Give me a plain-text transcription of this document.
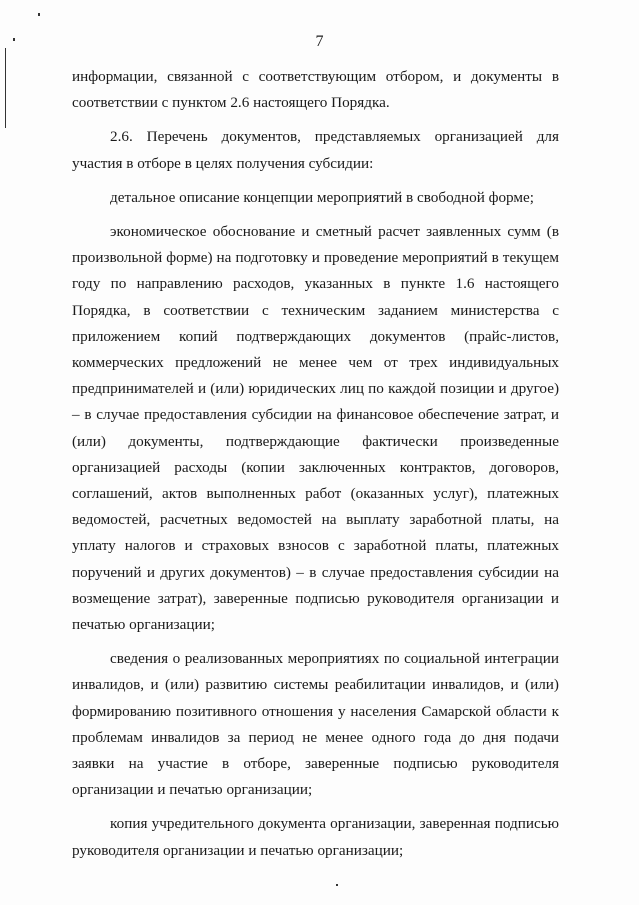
7

информации, связанной с соответствующим отбором, и документы в соответствии с пунктом 2.6 настоящего Порядка.

2.6. Перечень документов, представляемых организацией для участия в отборе в целях получения субсидии:

детальное описание концепции мероприятий в свободной форме;

экономическое обоснование и сметный расчет заявленных сумм (в произвольной форме) на подготовку и проведение мероприятий в текущем году по направлению расходов, указанных в пункте 1.6 настоящего Порядка, в соответствии с техническим заданием министерства с приложением копий подтверждающих документов (прайс-листов, коммерческих предложений не менее чем от трех индивидуальных предпринимателей и (или) юридических лиц по каждой позиции и другое) – в случае предоставления субсидии на финансовое обеспечение затрат, и (или) документы, подтверждающие фактически произведенные организацией расходы (копии заключенных контрактов, договоров, соглашений, актов выполненных работ (оказанных услуг), платежных ведомостей, расчетных ведомостей на выплату заработной платы, на уплату налогов и страховых взносов с заработной платы, платежных поручений и других документов) – в случае предоставления субсидии на возмещение затрат), заверенные подписью руководителя организации и печатью организации;

сведения о реализованных мероприятиях по социальной интеграции инвалидов, и (или) развитию системы реабилитации инвалидов, и (или) формированию позитивного отношения у населения Самарской области к проблемам инвалидов за период не менее одного года до дня подачи заявки на участие в отборе, заверенные подписью руководителя организации и печатью организации;

копия учредительного документа организации, заверенная подписью руководителя организации и печатью организации;
